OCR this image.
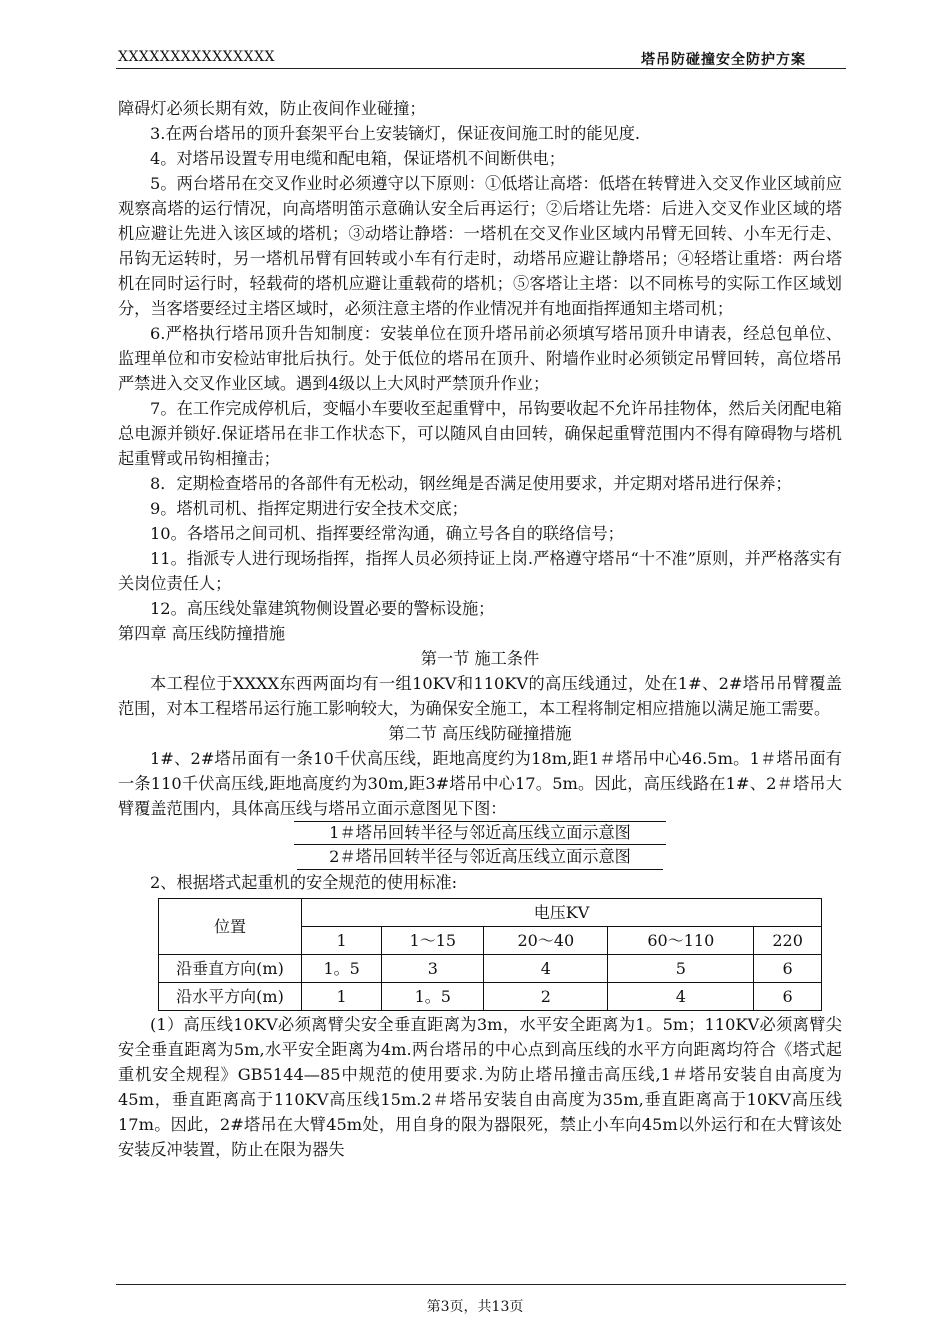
XXXXXXXXXXXXXXX	塔吊防碰撞安全防护方案

障碍灯必须长期有效，防止夜间作业碰撞；

3.在两台塔吊的顶升套架平台上安装镝灯，保证夜间施工时的能见度.

4。对塔吊设置专用电缆和配电箱，保证塔机不间断供电；

5。两台塔吊在交叉作业时必须遵守以下原则：①低塔让高塔：低塔在转臂进入交叉作业区域前应观察高塔的运行情况，向高塔明笛示意确认安全后再运行；②后塔让先塔：后进入交叉作业区域的塔机应避让先进入该区域的塔机；③动塔让静塔：一塔机在交叉作业区域内吊臂无回转、小车无行走、吊钩无运转时，另一塔机吊臂有回转或小车有行走时，动塔吊应避让静塔吊；④轻塔让重塔：两台塔机在同时运行时，轻载荷的塔机应避让重载荷的塔机；⑤客塔让主塔：以不同栋号的实际工作区域划分，当客塔要经过主塔区域时，必须注意主塔的作业情况并有地面指挥通知主塔司机；

6.严格执行塔吊顶升告知制度：安装单位在顶升塔吊前必须填写塔吊顶升申请表，经总包单位、监理单位和市安检站审批后执行。处于低位的塔吊在顶升、附墙作业时必须锁定吊臂回转，高位塔吊严禁进入交叉作业区域。遇到4级以上大风时严禁顶升作业；

7。在工作完成停机后，变幅小车要收至起重臂中，吊钩要收起不允许吊挂物体，然后关闭配电箱总电源并锁好.保证塔吊在非工作状态下，可以随风自由回转，确保起重臂范围内不得有障碍物与塔机起重臂或吊钩相撞击；

8．定期检查塔吊的各部件有无松动，钢丝绳是否满足使用要求，并定期对塔吊进行保养；

9。塔机司机、指挥定期进行安全技术交底；

10。各塔吊之间司机、指挥要经常沟通，确立号各自的联络信号；

11。指派专人进行现场指挥，指挥人员必须持证上岗.严格遵守塔吊“十不准”原则，并严格落实有关岗位责任人；

12。高压线处靠建筑物侧设置必要的警标设施；

第四章 高压线防撞措施

第一节 施工条件

本工程位于XXXX东西两面均有一组10KV和110KV的高压线通过，处在1#、2#塔吊吊臂覆盖范围，对本工程塔吊运行施工影响较大，为确保安全施工，本工程将制定相应措施以满足施工需要。

第二节 高压线防碰撞措施

1#、2#塔吊面有一条10千伏高压线，距地高度约为18m,距1＃塔吊中心46.5m。1＃塔吊面有一条110千伏高压线,距地高度约为30m,距3#塔吊中心17。5m。因此，高压线路在1#、2＃塔吊大臂覆盖范围内，具体高压线与塔吊立面示意图见下图：

1＃塔吊回转半径与邻近高压线立面示意图

2＃塔吊回转半径与邻近高压线立面示意图

2、根据塔式起重机的安全规范的使用标准:

位置	电压KV				
	1	1～15	20～40	60～110	220
沿垂直方向(m)	1。5	3	4	5	6
沿水平方向(m)	1	1。5	2	4	6

(1）高压线10KV必须离臂尖安全垂直距离为3m，水平安全距离为1。5m；110KV必须离臂尖安全垂直距离为5m,水平安全距离为4m.两台塔吊的中心点到高压线的水平方向距离均符合《塔式起重机安全规程》GB5144—85中规范的使用要求.为防止塔吊撞击高压线,1＃塔吊安装自由高度为45m，垂直距离高于110KV高压线15m.2＃塔吊安装自由高度为35m,垂直距离高于10KV高压线17m。因此，2#塔吊在大臂45m处，用自身的限为器限死，禁止小车向45m以外运行和在大臂该处安装反冲装置，防止在限为器失

第3页，共13页
